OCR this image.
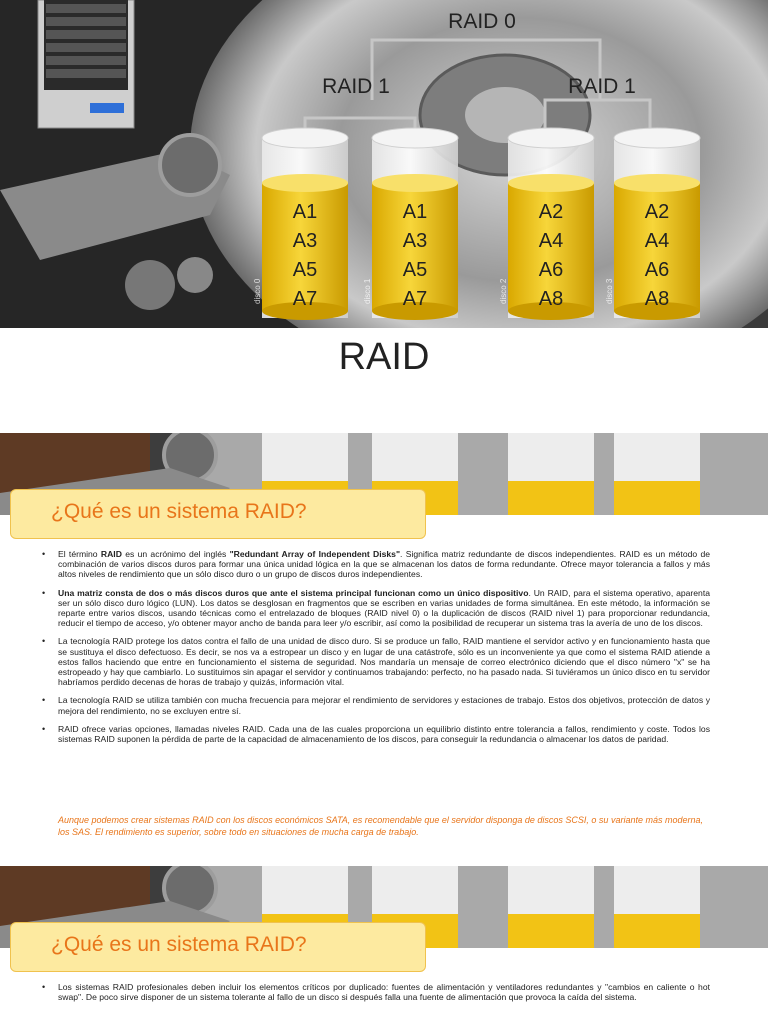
RAID 0
RAID 1	RAID 1
A1
A3
A5
A7
disco 0
A1
A3
A5
A7
disco 1
A2
A4
A6
A8
disco 2
A2
A4
A6
A8
disco 3
RAID
¿Qué es un sistema RAID?
• El término RAID es un acrónimo del inglés "Redundant Array of Independent Disks". Significa matriz redundante de discos independientes. RAID es un método de combinación de varios discos duros para formar una única unidad lógica en la que se almacenan los datos de forma redundante. Ofrece mayor tolerancia a fallos y más altos niveles de rendimiento que un sólo disco duro o un grupo de discos duros independientes.
• Una matriz consta de dos o más discos duros que ante el sistema principal funcionan como un único dispositivo. Un RAID, para el sistema operativo, aparenta ser un sólo disco duro lógico (LUN). Los datos se desglosan en fragmentos que se escriben en varias unidades de forma simultánea. En este método, la información se reparte entre varios discos, usando técnicas como el entrelazado de bloques (RAID nivel 0) o la duplicación de discos (RAID nivel 1) para proporcionar redundancia, reducir el tiempo de acceso, y/o obtener mayor ancho de banda para leer y/o escribir, así como la posibilidad de recuperar un sistema tras la avería de uno de los discos.
• La tecnología RAID protege los datos contra el fallo de una unidad de disco duro. Si se produce un fallo, RAID mantiene el servidor activo y en funcionamiento hasta que se sustituya el disco defectuoso. Es decir, se nos va a estropear un disco y en lugar de una catástrofe, sólo es un inconveniente ya que como el sistema RAID atiende a estos fallos haciendo que entre en funcionamiento el sistema de seguridad. Nos mandaría un mensaje de correo electrónico diciendo que el disco número "x" se ha estropeado y hay que cambiarlo. Lo sustituimos sin apagar el servidor y continuamos trabajando: perfecto, no ha pasado nada. Si tuviéramos un único disco en tu servidor habríamos perdido decenas de horas de trabajo y quizás, información vital.
• La tecnología RAID se utiliza también con mucha frecuencia para mejorar el rendimiento de servidores y estaciones de trabajo. Estos dos objetivos, protección de datos y mejora del rendimiento, no se excluyen entre sí.
• RAID ofrece varias opciones, llamadas niveles RAID. Cada una de las cuales proporciona un equilibrio distinto entre tolerancia a fallos, rendimiento y coste. Todos los sistemas RAID suponen la pérdida de parte de la capacidad de almacenamiento de los discos, para conseguir la redundancia o almacenar los datos de paridad.

Aunque podemos crear sistemas RAID con los discos económicos SATA, es recomendable que el servidor disponga de discos SCSI, o su variante más moderna, los SAS. El rendimiento es superior, sobre todo en situaciones de mucha carga de trabajo.

¿Qué es un sistema RAID?
• Los sistemas RAID profesionales deben incluir los elementos críticos por duplicado: fuentes de alimentación y ventiladores redundantes y "cambios en caliente o hot swap". De poco sirve disponer de un sistema tolerante al fallo de un disco si después falla una fuente de alimentación que provoca la caída del sistema.
